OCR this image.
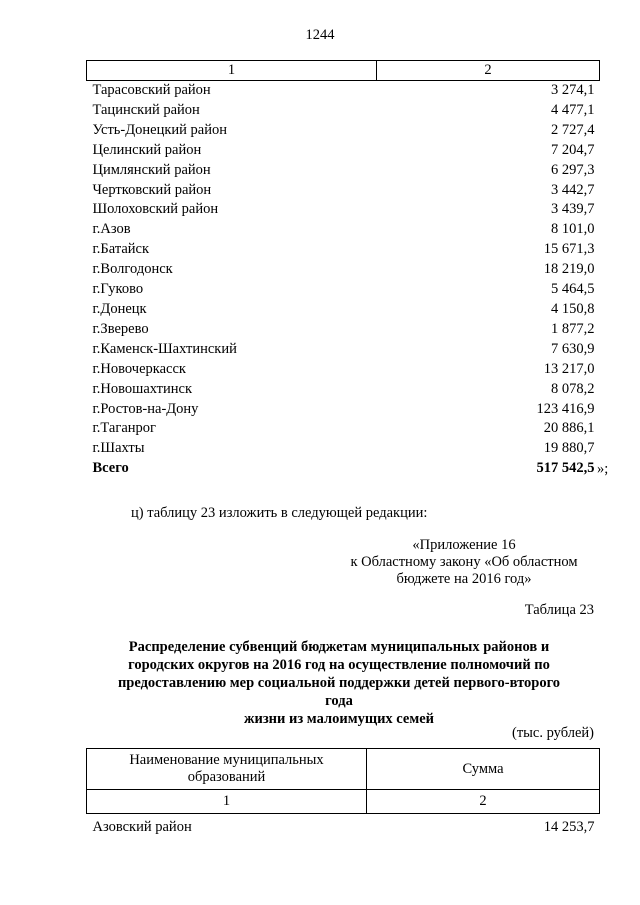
1244
1	2
Тарасовский район	3 274,1
Тацинский район	4 477,1
Усть-Донецкий район	2 727,4
Целинский район	7 204,7
Цимлянский район	6 297,3
Чертковский район	3 442,7
Шолоховский район	3 439,7
г.Азов	8 101,0
г.Батайск	15 671,3
г.Волгодонск	18 219,0
г.Гуково	5 464,5
г.Донецк	4 150,8
г.Зверево	1 877,2
г.Каменск-Шахтинский	7 630,9
г.Новочеркасск	13 217,0
г.Новошахтинск	8 078,2
г.Ростов-на-Дону	123 416,9
г.Таганрог	20 886,1
г.Шахты	19 880,7
Всего	517 542,5 »;
ц) таблицу 23 изложить в следующей редакции:
«Приложение 16
к Областному закону «Об областном
бюджете на 2016 год»
Таблица 23
Распределение субвенций бюджетам муниципальных районов и
городских округов на 2016 год на осуществление полномочий по
предоставлению мер социальной поддержки детей первого-второго года
жизни из малоимущих семей
(тыс. рублей)
Наименование муниципальных
образований	Сумма
1	2
Азовский район	14 253,7
